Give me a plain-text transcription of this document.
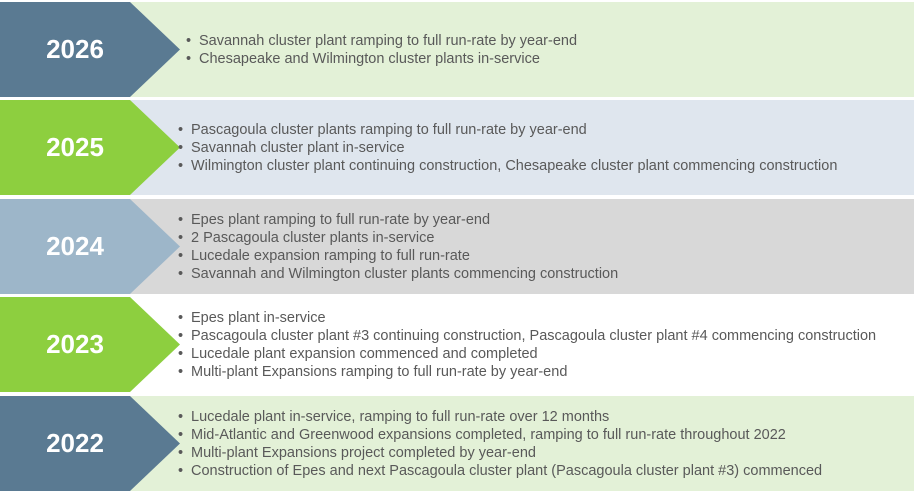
2026	• Savannah cluster plant ramping to full run-rate by year-end
• Chesapeake and Wilmington cluster plants in-service
2025
• Pascagoula cluster plants ramping to full run-rate by year-end
• Savannah cluster plant in-service
• Wilmington cluster plant continuing construction, Chesapeake cluster plant commencing construction
2024
• Epes plant ramping to full run-rate by year-end
• 2 Pascagoula cluster plants in-service
• Lucedale expansion ramping to full run-rate
• Savannah and Wilmington cluster plants commencing construction
2023
• Epes plant in-service
• Pascagoula cluster plant #3 continuing construction, Pascagoula cluster plant #4 commencing construction
• Lucedale plant expansion commenced and completed
• Multi-plant Expansions ramping to full run-rate by year-end
2022
• Lucedale plant in-service, ramping to full run-rate over 12 months
• Mid-Atlantic and Greenwood expansions completed, ramping to full run-rate throughout 2022
• Multi-plant Expansions project completed by year-end
• Construction of Epes and next Pascagoula cluster plant (Pascagoula cluster plant #3) commenced
